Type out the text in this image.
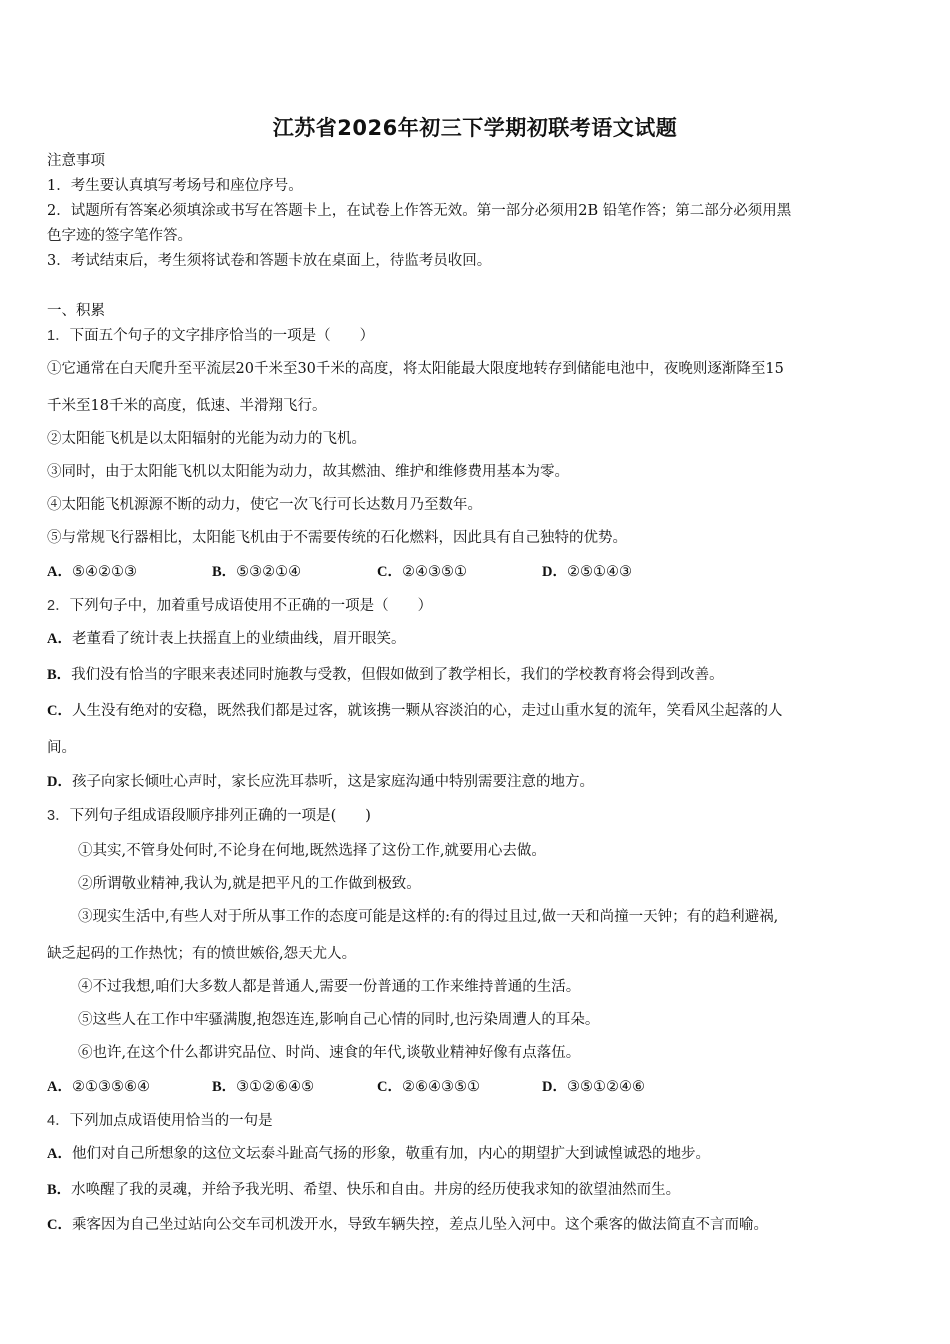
江苏省2026年初三下学期初联考语文试题
注意事项
1．考生要认真填写考场号和座位序号。
2．试题所有答案必须填涂或书写在答题卡上，在试卷上作答无效。第一部分必须用2B 铅笔作答；第二部分必须用黑
色字迹的签字笔作答。
3．考试结束后，考生须将试卷和答题卡放在桌面上，待监考员收回。
一、积累
1．下面五个句子的文字排序恰当的一项是（　　）
①它通常在白天爬升至平流层20千米至30千米的高度，将太阳能最大限度地转存到储能电池中，夜晚则逐渐降至15
千米至18千米的高度，低速、半滑翔飞行。
②太阳能飞机是以太阳辐射的光能为动力的飞机。
③同时，由于太阳能飞机以太阳能为动力，故其燃油、维护和维修费用基本为零。
④太阳能飞机源源不断的动力，使它一次飞行可长达数月乃至数年。
⑤与常规飞行器相比，太阳能飞机由于不需要传统的石化燃料，因此具有自己独特的优势。
A．⑤④②①③	B．⑤③②①④	C．②④③⑤①	D．②⑤①④③
2．下列句子中，加着重号成语使用不正确的一项是（　　）
A．老董看了统计表上扶摇直上的业绩曲线，眉开眼笑。
B．我们没有恰当的字眼来表述同时施教与受教，但假如做到了教学相长，我们的学校教育将会得到改善。
C．人生没有绝对的安稳，既然我们都是过客，就该携一颗从容淡泊的心，走过山重水复的流年，笑看风尘起落的人
间。
D．孩子向家长倾吐心声时，家长应洗耳恭听，这是家庭沟通中特别需要注意的地方。
3．下列句子组成语段顺序排列正确的一项是(　　)
①其实,不管身处何时,不论身在何地,既然选择了这份工作,就要用心去做。
②所谓敬业精神,我认为,就是把平凡的工作做到极致。
③现实生活中,有些人对于所从事工作的态度可能是这样的:有的得过且过,做一天和尚撞一天钟；有的趋利避祸,
缺乏起码的工作热忱；有的愤世嫉俗,怨天尤人。
④不过我想,咱们大多数人都是普通人,需要一份普通的工作来维持普通的生活。
⑤这些人在工作中牢骚满腹,抱怨连连,影响自己心情的同时,也污染周遭人的耳朵。
⑥也许,在这个什么都讲究品位、时尚、速食的年代,谈敬业精神好像有点落伍。
A．②①③⑤⑥④	B．③①②⑥④⑤	C．②⑥④③⑤①	D．③⑤①②④⑥
4．下列加点成语使用恰当的一句是
A．他们对自己所想象的这位文坛泰斗趾高气扬的形象，敬重有加，内心的期望扩大到诚惶诚恐的地步。
B．水唤醒了我的灵魂，并给予我光明、希望、快乐和自由。井房的经历使我求知的欲望油然而生。
C．乘客因为自己坐过站向公交车司机泼开水，导致车辆失控，差点儿坠入河中。这个乘客的做法简直不言而喻。
